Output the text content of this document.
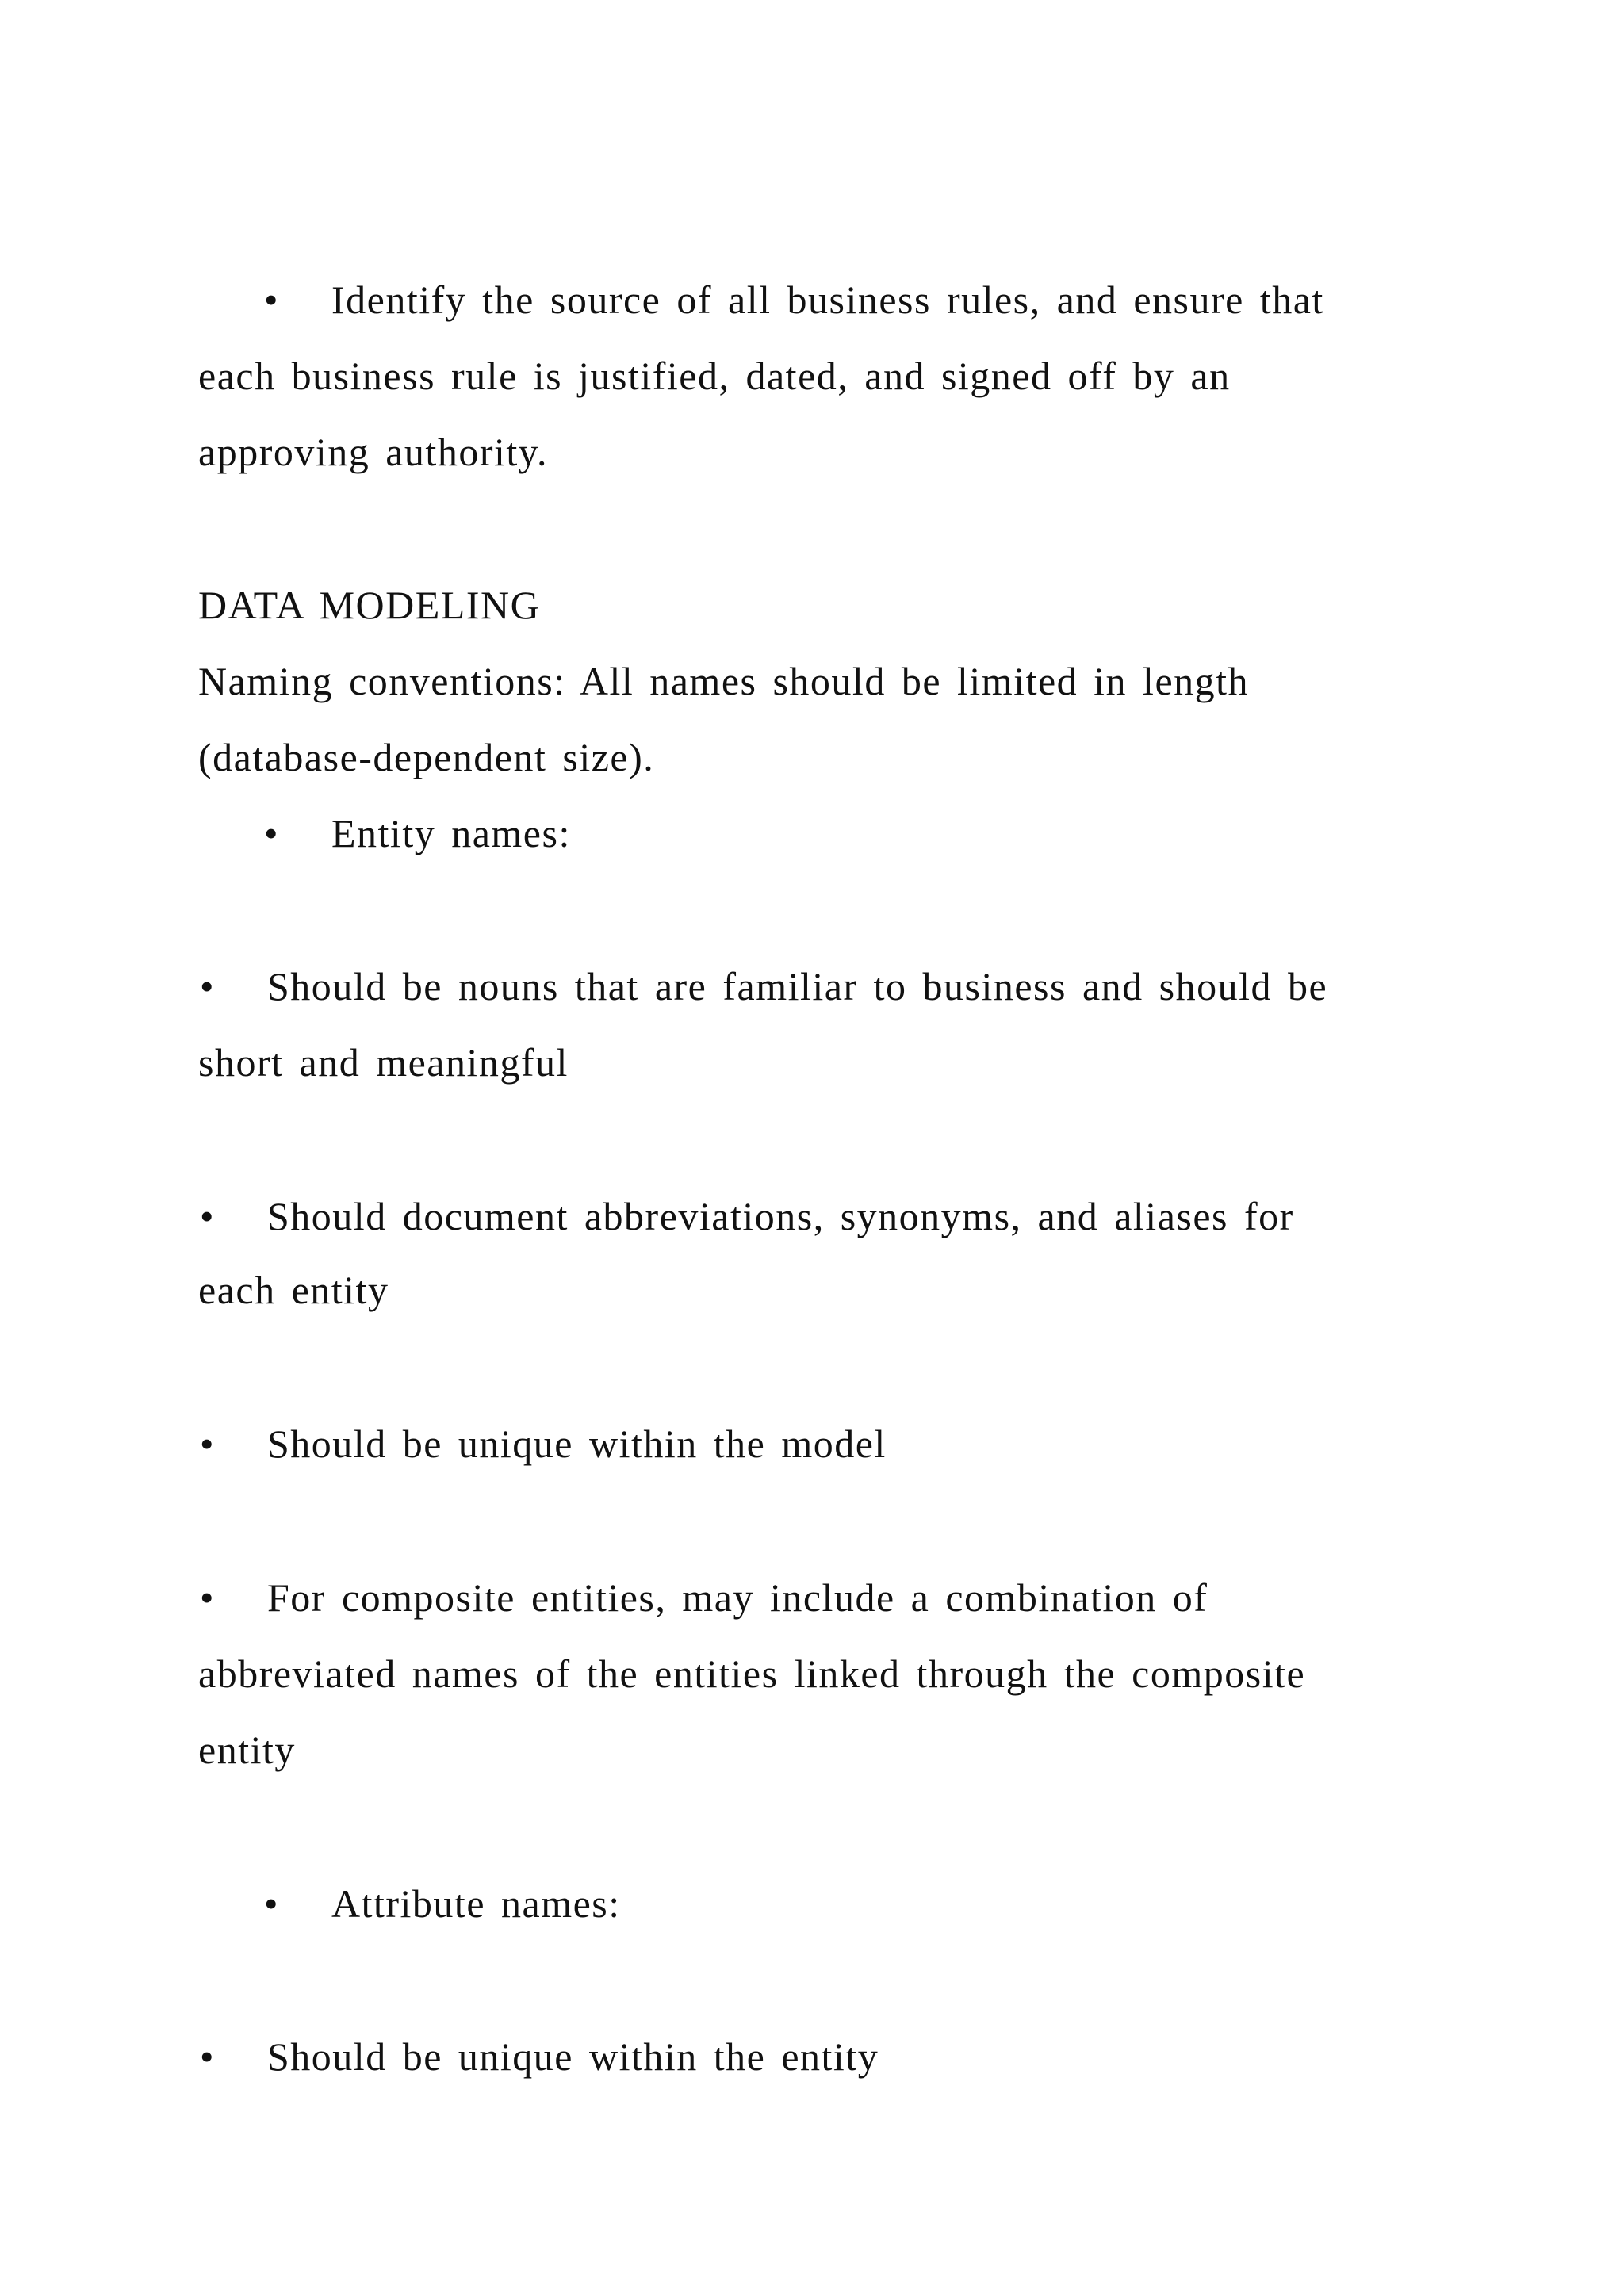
• Identify the source of all business rules, and ensure that
each business rule is justified, dated, and signed off by an
approving authority.
DATA MODELING
Naming conventions: All names should be limited in length
(database-dependent size).
• Entity names:
• Should be nouns that are familiar to business and should be
short and meaningful
• Should document abbreviations, synonyms, and aliases for
each entity
• Should be unique within the model
• For composite entities, may include a combination of
abbreviated names of the entities linked through the composite
entity
• Attribute names:
• Should be unique within the entity
